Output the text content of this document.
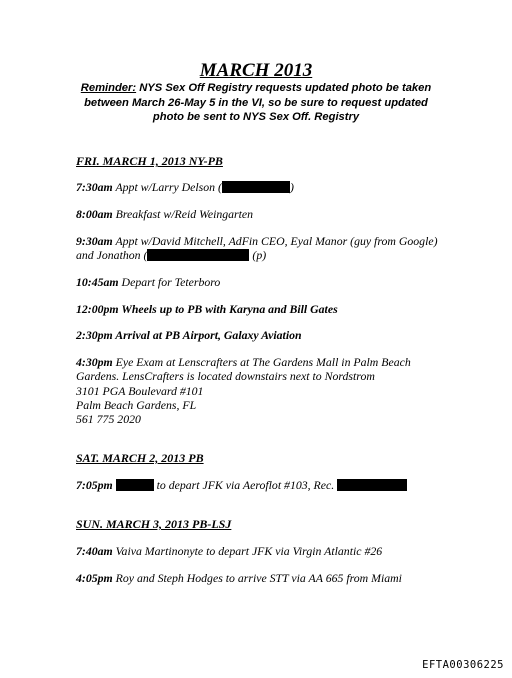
MARCH 2013
Reminder: NYS Sex Off Registry requests updated photo be taken between March 26-May 5 in the VI, so be sure to request updated photo be sent to NYS Sex Off. Registry
FRI. MARCH 1, 2013 NY-PB
7:30am Appt w/Larry Delson (	)
8:00am Breakfast w/Reid Weingarten
9:30am Appt w/David Mitchell, AdFin CEO, Eyal Manor (guy from Google) and Jonathon (	(p)
10:45am Depart for Teterboro
12:00pm Wheels up to PB with Karyna and Bill Gates
2:30pm Arrival at PB Airport, Galaxy Aviation
4:30pm Eye Exam at Lenscrafters at The Gardens Mall in Palm Beach Gardens. LensCrafters is located downstairs next to Nordstrom
3101 PGA Boulevard #101
Palm Beach Gardens, FL
561 775 2020
SAT. MARCH 2, 2013 PB
7:05pm	to depart JFK via Aeroflot #103, Rec.
SUN. MARCH 3, 2013 PB-LSJ
7:40am Vaiva Martinonyte to depart JFK via Virgin Atlantic #26
4:05pm Roy and Steph Hodges to arrive STT via AA 665 from Miami
EFTA00306225
